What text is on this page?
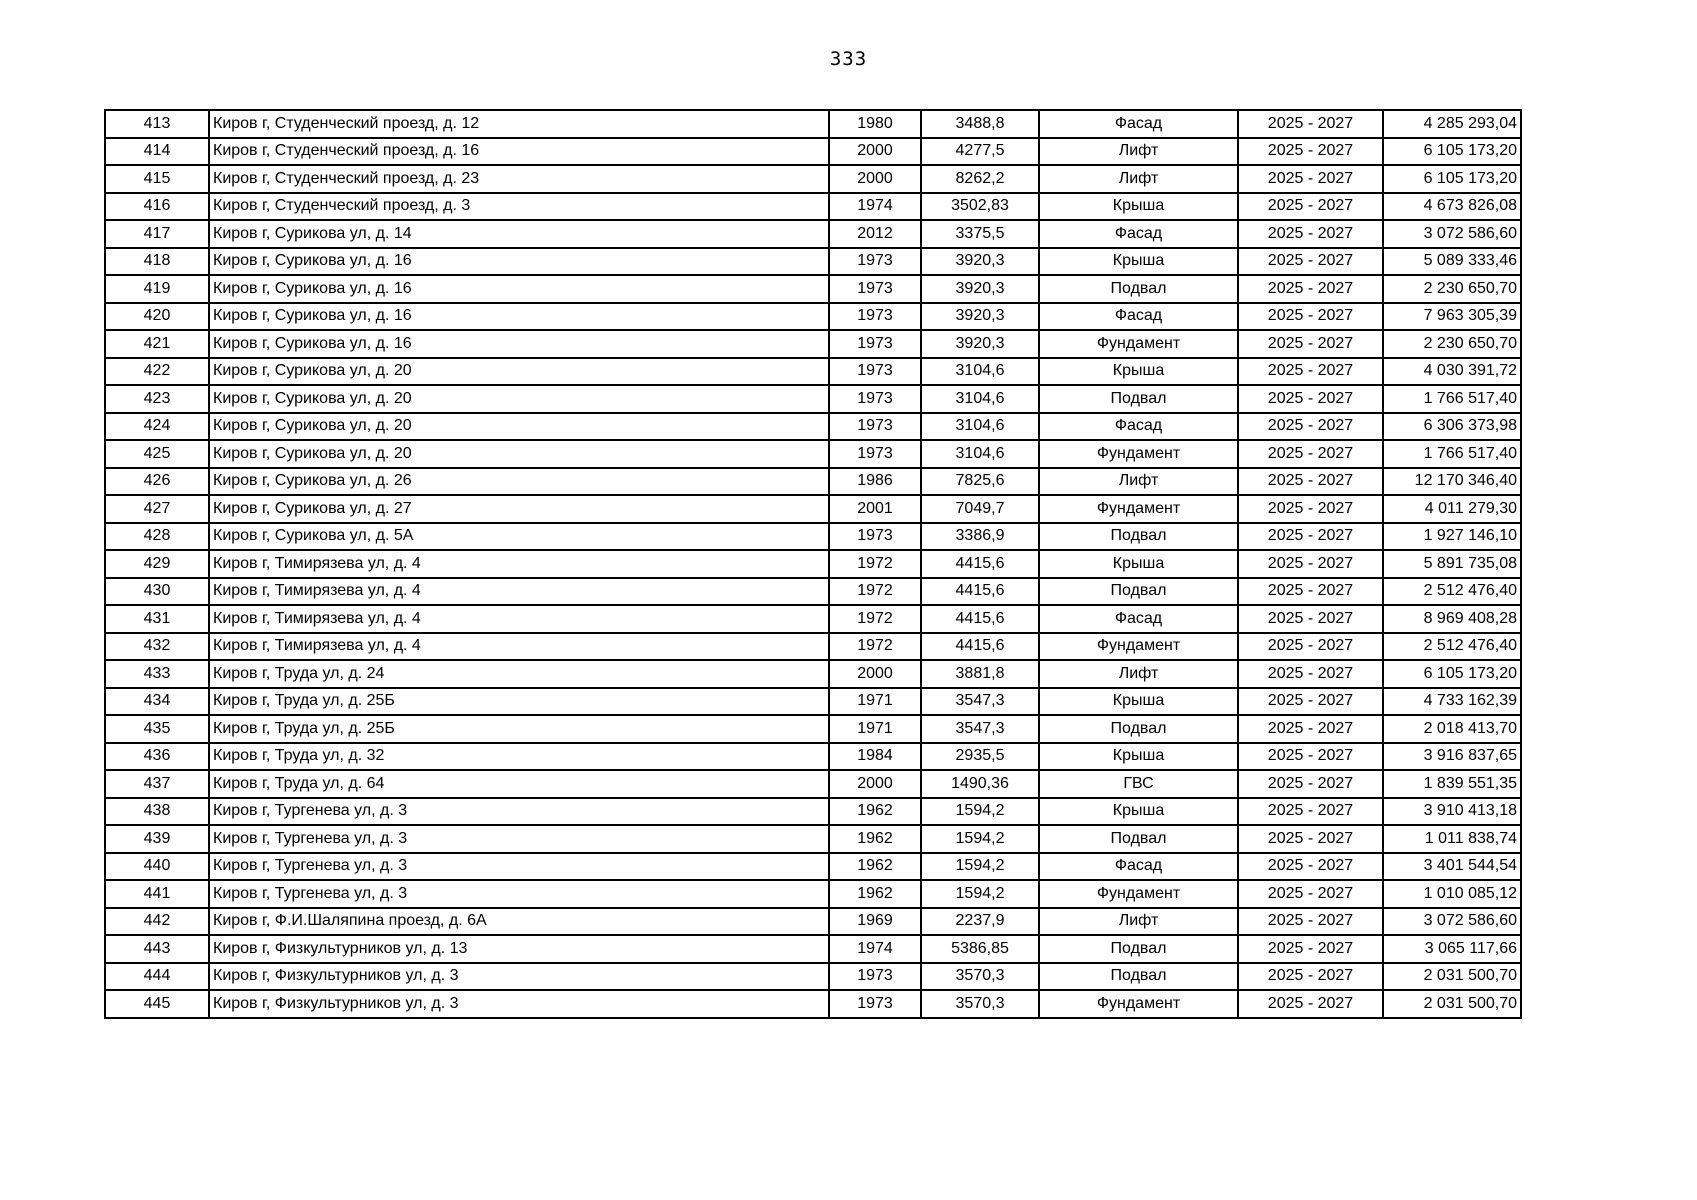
333
413	Киров г, Студенческий проезд, д. 12	1980	3488,8	Фасад	2025 - 2027	4 285 293,04
414	Киров г, Студенческий проезд, д. 16	2000	4277,5	Лифт	2025 - 2027	6 105 173,20
415	Киров г, Студенческий проезд, д. 23	2000	8262,2	Лифт	2025 - 2027	6 105 173,20
416	Киров г, Студенческий проезд, д. 3	1974	3502,83	Крыша	2025 - 2027	4 673 826,08
417	Киров г, Сурикова ул, д. 14	2012	3375,5	Фасад	2025 - 2027	3 072 586,60
418	Киров г, Сурикова ул, д. 16	1973	3920,3	Крыша	2025 - 2027	5 089 333,46
419	Киров г, Сурикова ул, д. 16	1973	3920,3	Подвал	2025 - 2027	2 230 650,70
420	Киров г, Сурикова ул, д. 16	1973	3920,3	Фасад	2025 - 2027	7 963 305,39
421	Киров г, Сурикова ул, д. 16	1973	3920,3	Фундамент	2025 - 2027	2 230 650,70
422	Киров г, Сурикова ул, д. 20	1973	3104,6	Крыша	2025 - 2027	4 030 391,72
423	Киров г, Сурикова ул, д. 20	1973	3104,6	Подвал	2025 - 2027	1 766 517,40
424	Киров г, Сурикова ул, д. 20	1973	3104,6	Фасад	2025 - 2027	6 306 373,98
425	Киров г, Сурикова ул, д. 20	1973	3104,6	Фундамент	2025 - 2027	1 766 517,40
426	Киров г, Сурикова ул, д. 26	1986	7825,6	Лифт	2025 - 2027	12 170 346,40
427	Киров г, Сурикова ул, д. 27	2001	7049,7	Фундамент	2025 - 2027	4 011 279,30
428	Киров г, Сурикова ул, д. 5А	1973	3386,9	Подвал	2025 - 2027	1 927 146,10
429	Киров г, Тимирязева ул, д. 4	1972	4415,6	Крыша	2025 - 2027	5 891 735,08
430	Киров г, Тимирязева ул, д. 4	1972	4415,6	Подвал	2025 - 2027	2 512 476,40
431	Киров г, Тимирязева ул, д. 4	1972	4415,6	Фасад	2025 - 2027	8 969 408,28
432	Киров г, Тимирязева ул, д. 4	1972	4415,6	Фундамент	2025 - 2027	2 512 476,40
433	Киров г, Труда ул, д. 24	2000	3881,8	Лифт	2025 - 2027	6 105 173,20
434	Киров г, Труда ул, д. 25Б	1971	3547,3	Крыша	2025 - 2027	4 733 162,39
435	Киров г, Труда ул, д. 25Б	1971	3547,3	Подвал	2025 - 2027	2 018 413,70
436	Киров г, Труда ул, д. 32	1984	2935,5	Крыша	2025 - 2027	3 916 837,65
437	Киров г, Труда ул, д. 64	2000	1490,36	ГВС	2025 - 2027	1 839 551,35
438	Киров г, Тургенева ул, д. 3	1962	1594,2	Крыша	2025 - 2027	3 910 413,18
439	Киров г, Тургенева ул, д. 3	1962	1594,2	Подвал	2025 - 2027	1 011 838,74
440	Киров г, Тургенева ул, д. 3	1962	1594,2	Фасад	2025 - 2027	3 401 544,54
441	Киров г, Тургенева ул, д. 3	1962	1594,2	Фундамент	2025 - 2027	1 010 085,12
442	Киров г, Ф.И.Шаляпина проезд, д. 6А	1969	2237,9	Лифт	2025 - 2027	3 072 586,60
443	Киров г, Физкультурников ул, д. 13	1974	5386,85	Подвал	2025 - 2027	3 065 117,66
444	Киров г, Физкультурников ул, д. 3	1973	3570,3	Подвал	2025 - 2027	2 031 500,70
445	Киров г, Физкультурников ул, д. 3	1973	3570,3	Фундамент	2025 - 2027	2 031 500,70
